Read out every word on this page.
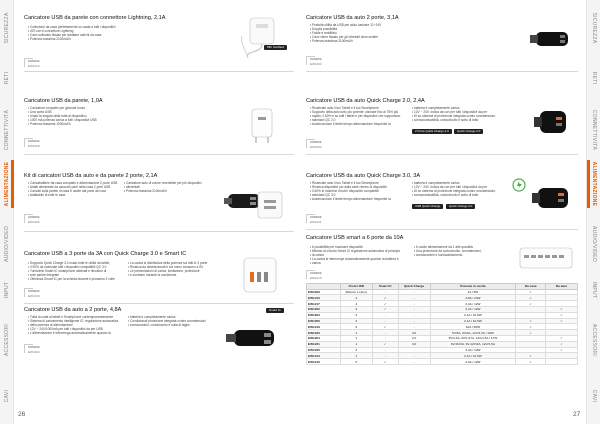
SICUREZZA
RETI
CONNETTIVITÀ
ALIMENTAZIONE
AUDIO/VIDEO
INPUT
ACCESSORI
CAVI
SICUREZZA
RETI
CONNETTIVITÀ
ALIMENTAZIONE
AUDIO/VIDEO
INPUT
ACCESSORI
CAVI
Caricatore USB da parete con connettore Lightning, 2,1A
• Collezione da casa perfettamente su usata a tutti i dispositivi
• iOS con il connettore Lightning
• Cavo sollevato fissato per adattare carichi da casa
• Potenza massima 2100mA/h
CODICE
EW1213
MFi Certified
Caricatore USB da parete, 1,0A
• Caricatore compatto per giornale tuoso
• Una porta USB
• Usato la singola della tutta al dispositivo
• 1000 mA potenza carica a tutti i dispositivi USB
• Potenza massima 1000mA/h
CODICE
EW1209
Kit di caricatori USB da auto e da parete 2 porte, 2,1A
• Caricabatterie da casa compatto e alimentazione 2 porte USB
• Adatti alimentate da casa dei parti nella casa 2 porti USB
• Caricati sulla parete di casa 5 uscite dal porto dei cavi
• Adattabile di tutte le case
• Caricatore auto di colore reversibile per più dispositivi
• alimentati
• Potenza massima 2100mA/h
CODICE
EW1206
Caricatore USB a 3 porte da 3A con Quick Charge 3.0 e Smart IC
• Supporta Quick Charge 3.0 usato tutte le utilità da tablet,
• Il 90% da ricaricate tutti i dispositivi compatibili QC 3.0
• Turbolenti Smart IC smartphone abbinati e rilevatori di
• sole partire integrate
• Ottimizza Smart IC per la scheda durante il prossimo 3 volte
• La carica si distributiva della potenza sui tutti le 3 porte
• Ricarica da deselezionati e sul meno consumo a 5V
• Le presentazioni di carica, limitazione, protezione
• e contrario durante la condizione
CODICE
EW1233
Caricatore USB da auto a 2 porte, 4,8A
• Tutta la unità al tablet e Smartphone contemporaneamente
• Sistema di caricamento intelligente IC: regolazione automatica
• della potenza di alimentazione
• 12V ~ 24V/1000mA per tutti i dispositivi da per USB
• L'alimentazione è intervenga automaticamente quando la
• batteria è completamente carica
• Condizionali protezione integrata contro sovratensioni
• sovraccarichi, cortocircuito e sulla di taglio
CODICE
EW1202
Smart IC
26
Caricatore USB da auto 2 porte, 3,1A
• Praticità utilità da USB per aiuto caricare 12~24V
• Doppia possibilità
• Facile e redditizio
• Cavo viene fissato per gli oltretutti dove sentire
• Potenza massima 3100mA/h
CODICE
EW1203
Caricatore USB da auto Quick Charge 2.0, 2,4A
• Ricaricate auto il tuo Tablet e il tuo Smartphone
• Supporto della auto tutto più potente: caricate fino al 75% più
• rapido, il 60% e su tutti i tablet e per dispositivi che supportano
• standard QC 2.0
• Autoriconosce il limite tempo alimentazione frequente la
• batteria è completamente carica
• 12V ~ 24V. Indica da con per tutti i dispositivi da per
• Di su sistema di protezione integrata contro sovratensioni,
• sovraccaricabilità, cortocircuito e sotto di tutto
2 Porte Quick Charge 2.0	Quick Charge 2.0
CODICE
EW1204
Caricatore USB da auto Quick Charge 3.0, 3A
• Ricaricate auto il tuo Tablet e il tuo Smartphone
• Ricarica dispositivi più dalla varie rientro di dispositivi
• Il 60% le ricariche di tutti i dispositivi compatibili
• standard QC 3.0
• Autoriconosce il limite tempo alimentazione frequente la
• batteria è completamente carica
• 12V ~ 24V. Indica da con per tutti i dispositivi da per
• Di su sistema di protezione integrata contro sovratensioni,
• sovraccaricabilità, cortocircuito e sotto di tutto
USB Quick Charge	Quick Charge 3.0
CODICE
EW1231
Caricatore USB smart a 6 porte da 10A
• 6 possibilità per ricaricare dispositivi
• Minimo di circuito Smart IC regolazione automatica di principio
• la carica
• La carica si interrompe automaticamente quando la batteria è
• carica
• 6 uscite alimentazione da 1 alle quantità
• Una protezione da cortocircuito, sovratensioni,
• sovraccarichi e surriscaldamento
CODICE
EW1219
	Porte USB	Smart IC	Quick Charge	Potenza in uscita	Da casa	Da auto
EW1209	(Bianco e Nero)	-	-	1A / 5W	✓	
EW1210	4	✓	-	4,8A / 24W	✓	
EW1217	4	✓	-	2,4A / 12W	✓	
EW1202	2	✓	-	2,4A / 12W		✓
EW1203	2	-	-	2,1A / 10,5W		✓
EW1206	2	-	-	2,1A / 10,5W	✓	✓
EW1219	6	✓	-	10A / 50W	✓	
EW1233	1	-	3,0	5V/3A, 9V/2A, 12V/1,5A / 18W	✓	
EW1204	1	-	2,0	5V/2,4A, 9V/1,67A, 12V/1,5A / 17W		✓
EW1231	1	✓	3,0	6V-9V/3A, 9V-12V/2A, 12V/1,5A		✓
EW1230	2	-	-	2,4A / 12W		✓
EW1213	1	-	-	2,1A / 10,5W	✓	
EW1216	0	✓	-	2,4A / 12W	✓	
27
